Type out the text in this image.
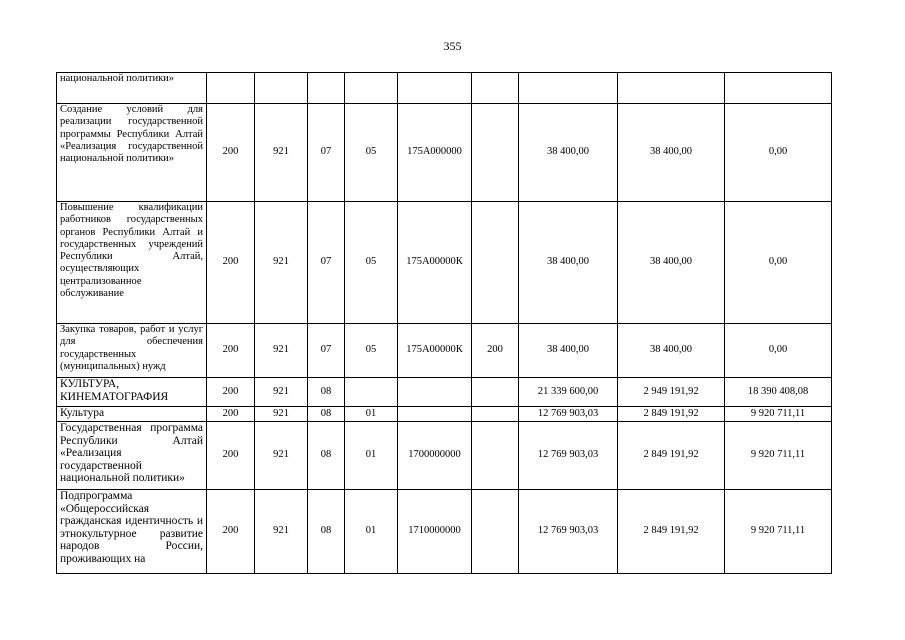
355
национальной политики»									
Создание условий для реализации государственной программы Республики Алтай «Реализация государственной национальной политики»	200	921	07	05	175А000000		38 400,00	38 400,00	0,00
Повышение квалификации работников государственных органов Республики Алтай и государственных учреждений Республики Алтай, осуществляющих централизованное обслуживание	200	921	07	05	175А00000К		38 400,00	38 400,00	0,00
Закупка товаров, работ и услуг для обеспечения государственных (муниципальных) нужд	200	921	07	05	175А00000К	200	38 400,00	38 400,00	0,00
КУЛЬТУРА, КИНЕМАТОГРАФИЯ	200	921	08				21 339 600,00	2 949 191,92	18 390 408,08
Культура	200	921	08	01			12 769 903,03	2 849 191,92	9 920 711,11
Государственная программа Республики Алтай «Реализация государственной национальной политики»	200	921	08	01	1700000000		12 769 903,03	2 849 191,92	9 920 711,11
Подпрограмма «Общероссийская гражданская идентичность и этнокультурное развитие народов России, проживающих на	200	921	08	01	1710000000		12 769 903,03	2 849 191,92	9 920 711,11
